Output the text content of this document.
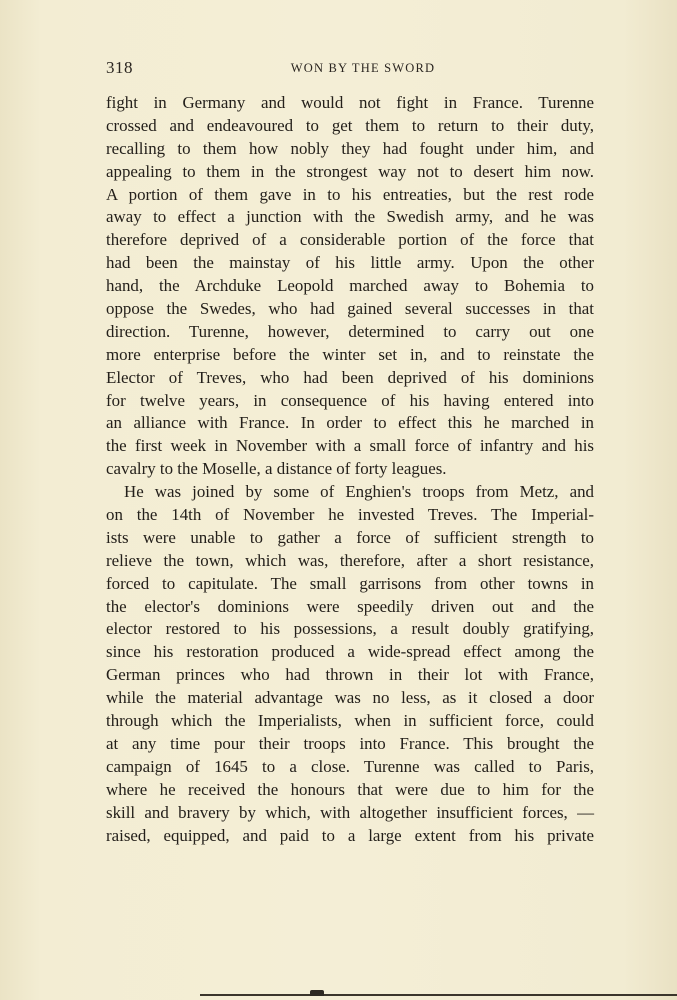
318	WON BY THE SWORD
fight in Germany and would not fight in France. Turenne
crossed and endeavoured to get them to return to their duty,
recalling to them how nobly they had fought under him, and
appealing to them in the strongest way not to desert him now.
A portion of them gave in to his entreaties, but the rest rode
away to effect a junction with the Swedish army, and he was
therefore deprived of a considerable portion of the force that
had been the mainstay of his little army. Upon the other
hand, the Archduke Leopold marched away to Bohemia to
oppose the Swedes, who had gained several successes in that
direction. Turenne, however, determined to carry out one
more enterprise before the winter set in, and to reinstate the
Elector of Treves, who had been deprived of his dominions
for twelve years, in consequence of his having entered into
an alliance with France. In order to effect this he marched in
the first week in November with a small force of infantry and his
cavalry to the Moselle, a distance of forty leagues.
He was joined by some of Enghien's troops from Metz, and
on the 14th of November he invested Treves. The Imperial-
ists were unable to gather a force of sufficient strength to
relieve the town, which was, therefore, after a short resistance,
forced to capitulate. The small garrisons from other towns in
the elector's dominions were speedily driven out and the
elector restored to his possessions, a result doubly gratifying,
since his restoration produced a wide-spread effect among the
German princes who had thrown in their lot with France,
while the material advantage was no less, as it closed a door
through which the Imperialists, when in sufficient force, could
at any time pour their troops into France. This brought the
campaign of 1645 to a close. Turenne was called to Paris,
where he received the honours that were due to him for the
skill and bravery by which, with altogether insufficient forces, —
raised, equipped, and paid to a large extent from his private
